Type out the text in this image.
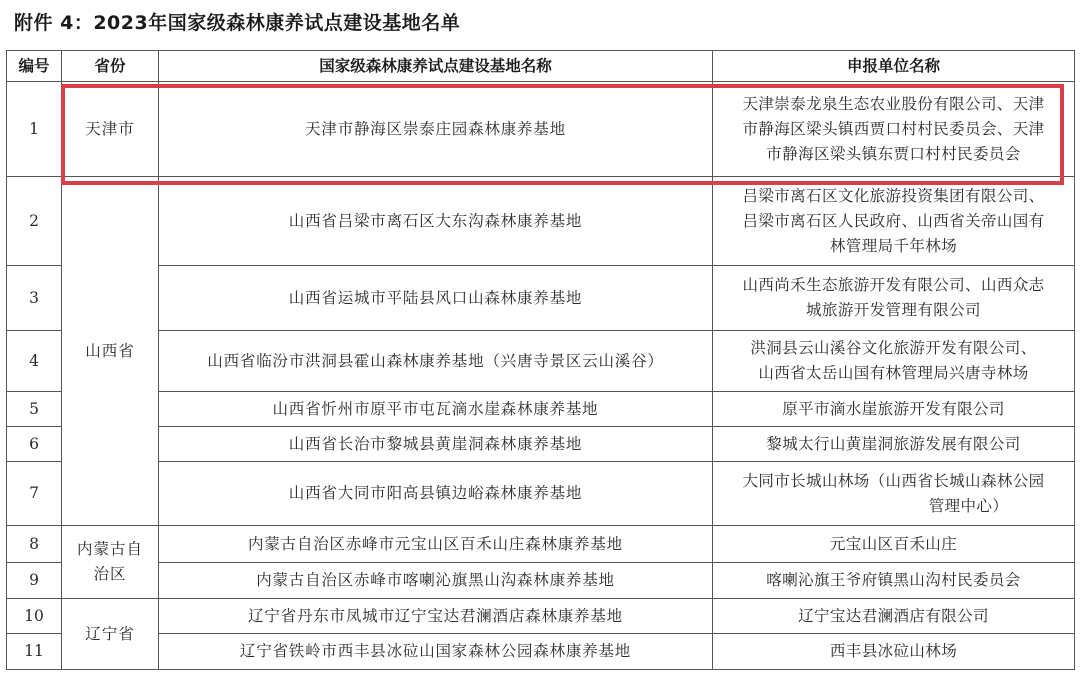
附件 4：2023年国家级森林康养试点建设基地名单
编号	省份	国家级森林康养试点建设基地名称	申报单位名称
1	天津市	天津市静海区崇泰庄园森林康养基地	天津崇泰龙泉生态农业股份有限公司、天津
市静海区梁头镇西贾口村村民委员会、天津
市静海区梁头镇东贾口村村民委员会

2	山西省	山西省吕梁市离石区大东沟森林康养基地	吕梁市离石区文化旅游投资集团有限公司、
吕梁市离石区人民政府、山西省关帝山国有
林管理局千年林场

3		山西省运城市平陆县风口山森林康养基地	山西尚禾生态旅游开发有限公司、山西众志
城旅游开发管理有限公司

4		山西省临汾市洪洞县霍山森林康养基地（兴唐寺景区云山溪谷）	洪洞县云山溪谷文化旅游开发有限公司、
山西省太岳山国有林管理局兴唐寺林场

5		山西省忻州市原平市屯瓦滴水崖森林康养基地	原平市滴水崖旅游开发有限公司

6		山西省长治市黎城县黄崖洞森林康养基地	黎城太行山黄崖洞旅游发展有限公司

7		山西省大同市阳高县镇边峪森林康养基地	大同市长城山林场（山西省长城山森林公园
管理中心）

8	内蒙古自
治区	内蒙古自治区赤峰市元宝山区百禾山庄森林康养基地	元宝山区百禾山庄

9		内蒙古自治区赤峰市喀喇沁旗黑山沟森林康养基地	喀喇沁旗王爷府镇黑山沟村民委员会

10	辽宁省	辽宁省丹东市凤城市辽宁宝达君澜酒店森林康养基地	辽宁宝达君澜酒店有限公司

11		辽宁省铁岭市西丰县冰砬山国家森林公园森林康养基地	西丰县冰砬山林场
